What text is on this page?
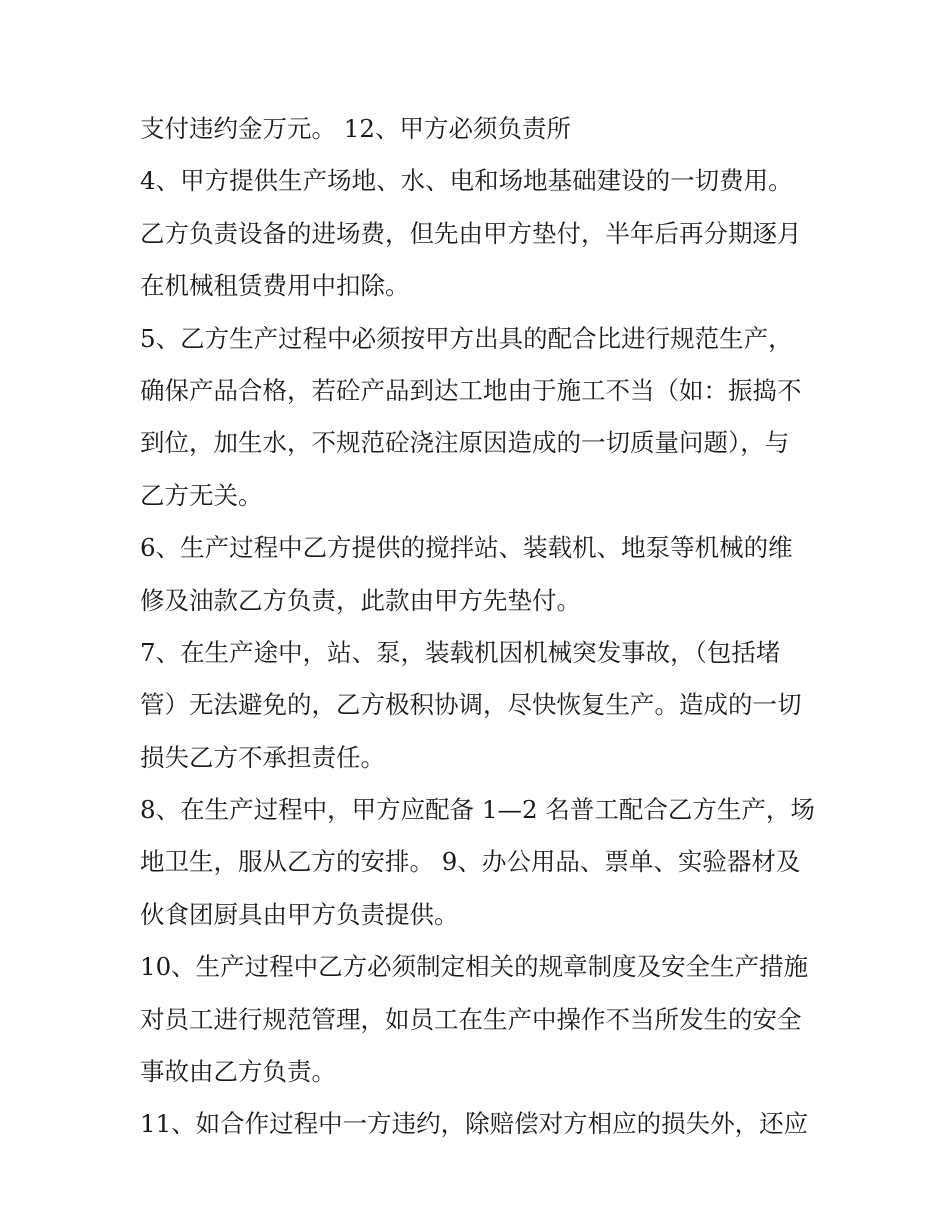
支付违约金万元。 12、甲方必须负责所
4、甲方提供生产场地、水、电和场地基础建设的一切费用。
乙方负责设备的进场费，但先由甲方垫付，半年后再分期逐月
在机械租赁费用中扣除。
5、乙方生产过程中必须按甲方出具的配合比进行规范生产，
确保产品合格，若砼产品到达工地由于施工不当（如：振捣不
到位，加生水，不规范砼浇注原因造成的一切质量问题），与
乙方无关。
6、生产过程中乙方提供的搅拌站、装载机、地泵等机械的维
修及油款乙方负责，此款由甲方先垫付。
7、在生产途中，站、泵，装载机因机械突发事故，（包括堵
管）无法避免的，乙方极积协调，尽快恢复生产。造成的一切
损失乙方不承担责任。
8、在生产过程中，甲方应配备 1—2 名普工配合乙方生产，场
地卫生，服从乙方的安排。 9、办公用品、票单、实验器材及
伙食团厨具由甲方负责提供。
10、生产过程中乙方必须制定相关的规章制度及安全生产措施
对员工进行规范管理，如员工在生产中操作不当所发生的安全
事故由乙方负责。
11、如合作过程中一方违约，除赔偿对方相应的损失外，还应
